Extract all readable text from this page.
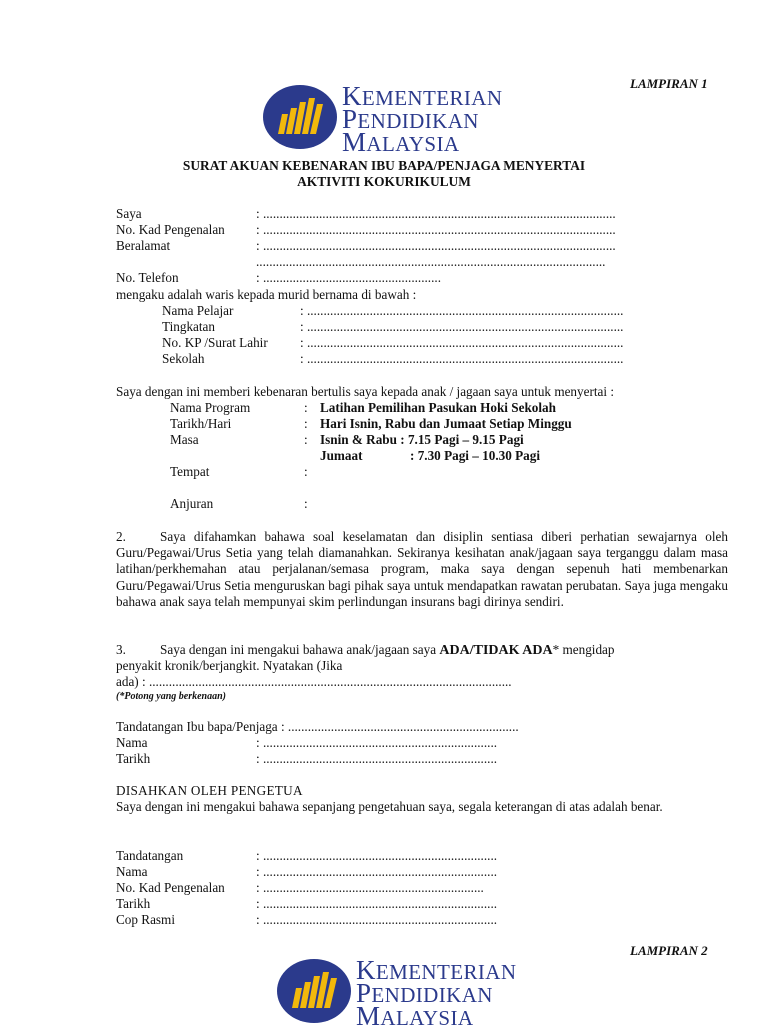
LAMPIRAN 1
KEMENTERIAN
PENDIDIKAN
MALAYSIA
SURAT AKUAN KEBENARAN IBU BAPA/PENJAGA MENYERTAI
AKTIVITI KOKURIKULUM
Saya	: ...........................................................................................................
No. Kad Pengenalan : ...........................................................................................................
Beralamat	: ...........................................................................................................
..........................................................................................................
No. Telefon	: ......................................................
mengaku adalah waris kepada murid bernama di bawah :
Nama Pelajar	: ................................................................................................
Tingkatan	: ................................................................................................
No. KP /Surat Lahir : ................................................................................................
Sekolah	: ................................................................................................
Saya dengan ini memberi kebenaran bertulis saya kepada anak / jagaan saya untuk menyertai :
Nama Program	: Latihan Pemilihan Pasukan Hoki Sekolah
Tarikh/Hari	: Hari Isnin, Rabu dan Jumaat Setiap Minggu
Masa	: Isnin & Rabu : 7.15 Pagi – 9.15 Pagi
Jumaat	: 7.30 Pagi – 10.30 Pagi
Tempat	:
Anjuran	:
2.	Saya difahamkan bahawa soal keselamatan dan disiplin sentiasa diberi perhatian sewajarnya oleh Guru/Pegawai/Urus Setia yang telah diamanahkan. Sekiranya kesihatan anak/jagaan saya terganggu dalam masa latihan/perkhemahan atau perjalanan/semasa program, maka saya dengan sepenuh hati membenarkan Guru/Pegawai/Urus Setia menguruskan bagi pihak saya untuk mendapatkan rawatan perubatan. Saya juga mengaku bahawa anak saya telah mempunyai skim perlindungan insurans bagi dirinya sendiri.
3.	Saya dengan ini mengakui bahawa anak/jagaan saya ADA/TIDAK ADA* mengidap
penyakit kronik/berjangkit. Nyatakan (Jika
ada) : ..............................................................................................................
(*Potong yang berkenaan)
Tandatangan Ibu bapa/Penjaga : ......................................................................
Nama	: .......................................................................
Tarikh	: .......................................................................
DISAHKAN OLEH PENGETUA
Saya dengan ini mengakui bahawa sepanjang pengetahuan saya, segala keterangan di atas adalah benar.
Tandatangan	: .......................................................................
Nama	: .......................................................................
No. Kad Pengenalan : ...................................................................
Tarikh	: .......................................................................
Cop Rasmi	: .......................................................................
LAMPIRAN 2
KEMENTERIAN
PENDIDIKAN
MALAYSIA
